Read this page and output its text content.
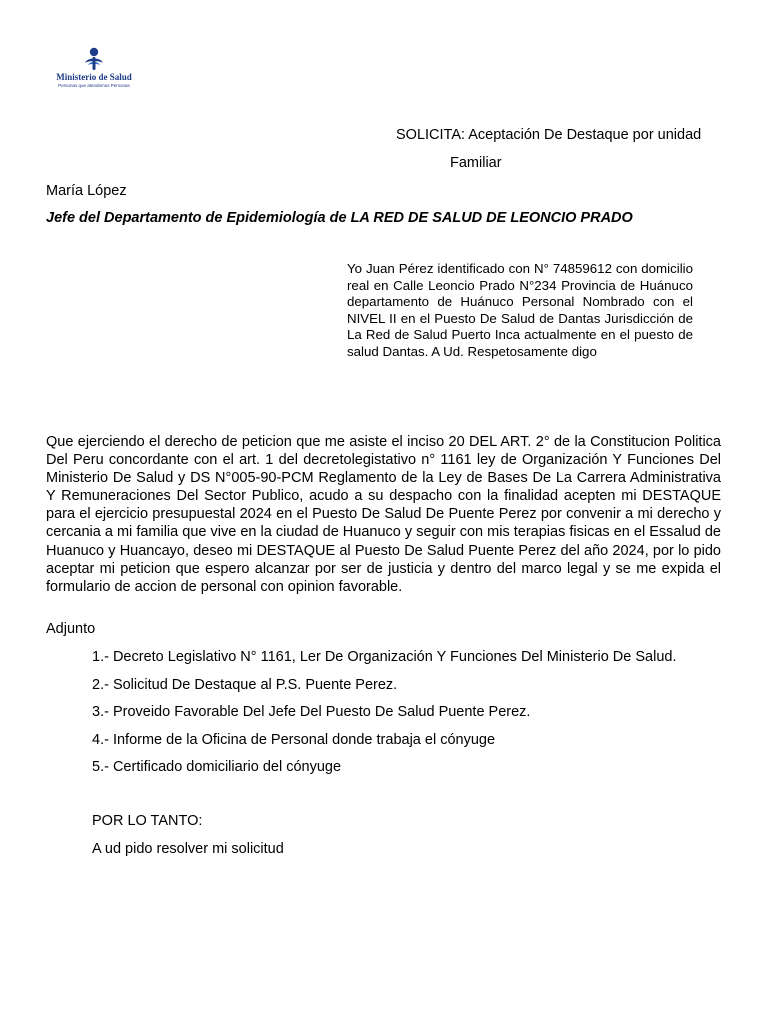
Ministerio de Salud
Personas que atendemos Personas
SOLICITA: Aceptación De Destaque por unidad
Familiar
María López
Jefe del Departamento de Epidemiología de LA RED DE SALUD DE LEONCIO PRADO

Yo Juan Pérez identificado con N° 74859612 con domicilio real en Calle Leoncio Prado N°234 Provincia de Huánuco departamento de Huánuco Personal Nombrado con el NIVEL II en el Puesto De Salud de Dantas Jurisdicción de La Red de Salud Puerto Inca actualmente en el puesto de salud Dantas. A Ud. Respetosamente digo

Que ejerciendo el derecho de peticion que me asiste el inciso 20 DEL ART. 2° de la Constitucion Politica Del Peru concordante con el art. 1 del decretolegistativo n° 1161 ley de Organización Y Funciones Del Ministerio De Salud y DS N°005-90-PCM Reglamento de la Ley de Bases De La Carrera Administrativa Y Remuneraciones Del Sector Publico, acudo a su despacho con la finalidad acepten mi DESTAQUE para el ejercicio presupuestal 2024 en el Puesto De Salud De Puente Perez por convenir a mi derecho y cercania a mi familia que vive en la ciudad de Huanuco y seguir con mis terapias fisicas en el Essalud de Huanuco y Huancayo, deseo mi DESTAQUE al Puesto De Salud Puente Perez del año 2024, por lo pido aceptar mi peticion que espero alcanzar por ser de justicia y dentro del marco legal y se me expida el formulario de accion de personal con opinion favorable.

Adjunto
1.- Decreto Legislativo N° 1161, Ler De Organización Y Funciones Del Ministerio De Salud.
2.- Solicitud De Destaque al P.S. Puente Perez.
3.- Proveido Favorable Del Jefe Del Puesto De Salud Puente Perez.
4.- Informe de la Oficina de Personal donde trabaja el cónyuge
5.- Certificado domiciliario del cónyuge
POR LO TANTO:
A ud pido resolver mi solicitud
